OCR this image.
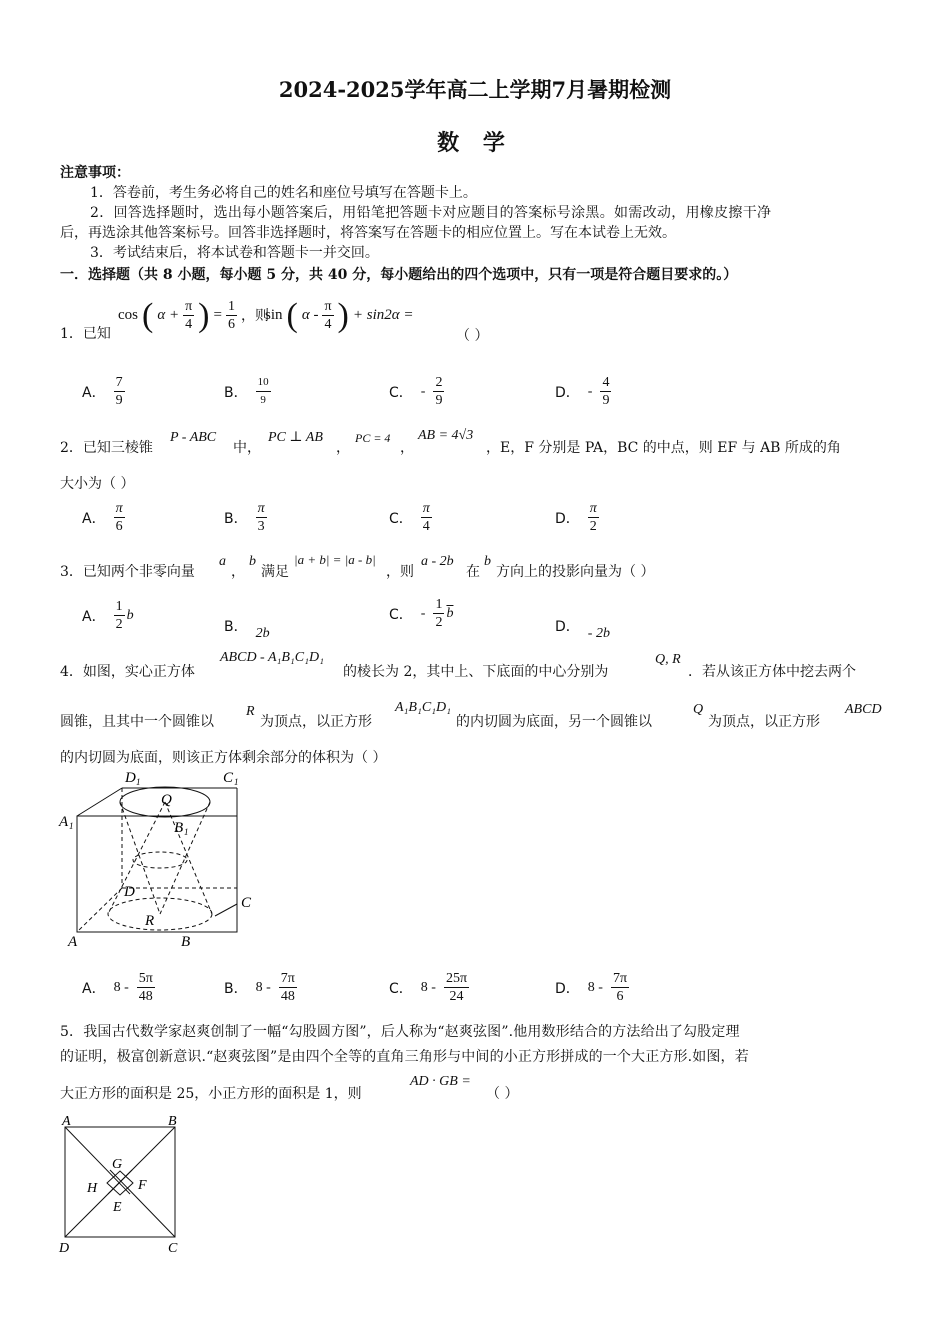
2024-2025学年高二上学期7月暑期检测
数 学
注意事项：
1．答卷前，考生务必将自己的姓名和座位号填写在答题卡上。
2．回答选择题时，选出每小题答案后，用铅笔把答题卡对应题目的答案标号涂黑。如需改动，用橡皮擦干净
后，再选涂其他答案标号。回答非选择题时，将答案写在答题卡的相应位置上。写在本试卷上无效。
3．考试结束后，将本试卷和答题卡一并交回。
一．选择题（共 8 小题，每小题 5 分，共 40 分，每小题给出的四个选项中，只有一项是符合题目要求的。）
1．已知
cos ( $\alpha + \frac{\pi}{4}$ ) = $\frac{1}{6}$ ，则
sin ( α - $\frac{\pi}{4}$ ) + sin2α =
（ ）
A． $\frac{7}{9}$	B． $\frac{10}{9}$	C． - $\frac{2}{9}$	D． - $\frac{4}{9}$
2．已知三棱锥
P - ABC
中，
PC ⊥ AB
，
PC = 4
，
AB = 4√3
，E，F 分别是 PA，BC 的中点，则 EF 与 AB 所成的角
大小为（ ）
A． $\frac{\pi}{6}$	B． $\frac{\pi}{3}$	C． $\frac{\pi}{4}$	D． $\frac{\pi}{2}$
3．已知两个非零向量
a
，
b
满足
|a + b| = |a - b|
，则
a - 2b
在
b
方向上的投影向量为（ ）
A． $\frac{1}{2}$ b
B． 2b
C． - $\frac{1}{2} \overline{b}$
D． - 2b
4．如图，实心正方体
ABCD - A₁B₁C₁D₁
的棱长为 2，其中上、下底面的中心分别为
Q, R
．若从该正方体中挖去两个
圆锥，且其中一个圆锥以
R
为顶点，以正方形
A₁B₁C₁D₁
的内切圆为底面，另一个圆锥以
Q
为顶点，以正方形
ABCD
的内切圆为底面，则该正方体剩余部分的体积为（ ）
D 1	C 1
A 1	B 1
Q
D
R
C
A	B
A． $8 - \frac{5\pi}{48}$	B． $8 - \frac{7\pi}{48}$	C． $8 - \frac{25\pi}{24}$	D． $8 - \frac{7\pi}{6}$
5．我国古代数学家赵爽创制了一幅“勾股圆方图”，后人称为“赵爽弦图”.他用数形结合的方法给出了勾股定理
的证明，极富创新意识.“赵爽弦图”是由四个全等的直角三角形与中间的小正方形拼成的一个大正方形.如图，若
大正方形的面积是 25，小正方形的面积是 1，则
AD · GB =
（ ）
A	B
C
D
E
F
G
H
